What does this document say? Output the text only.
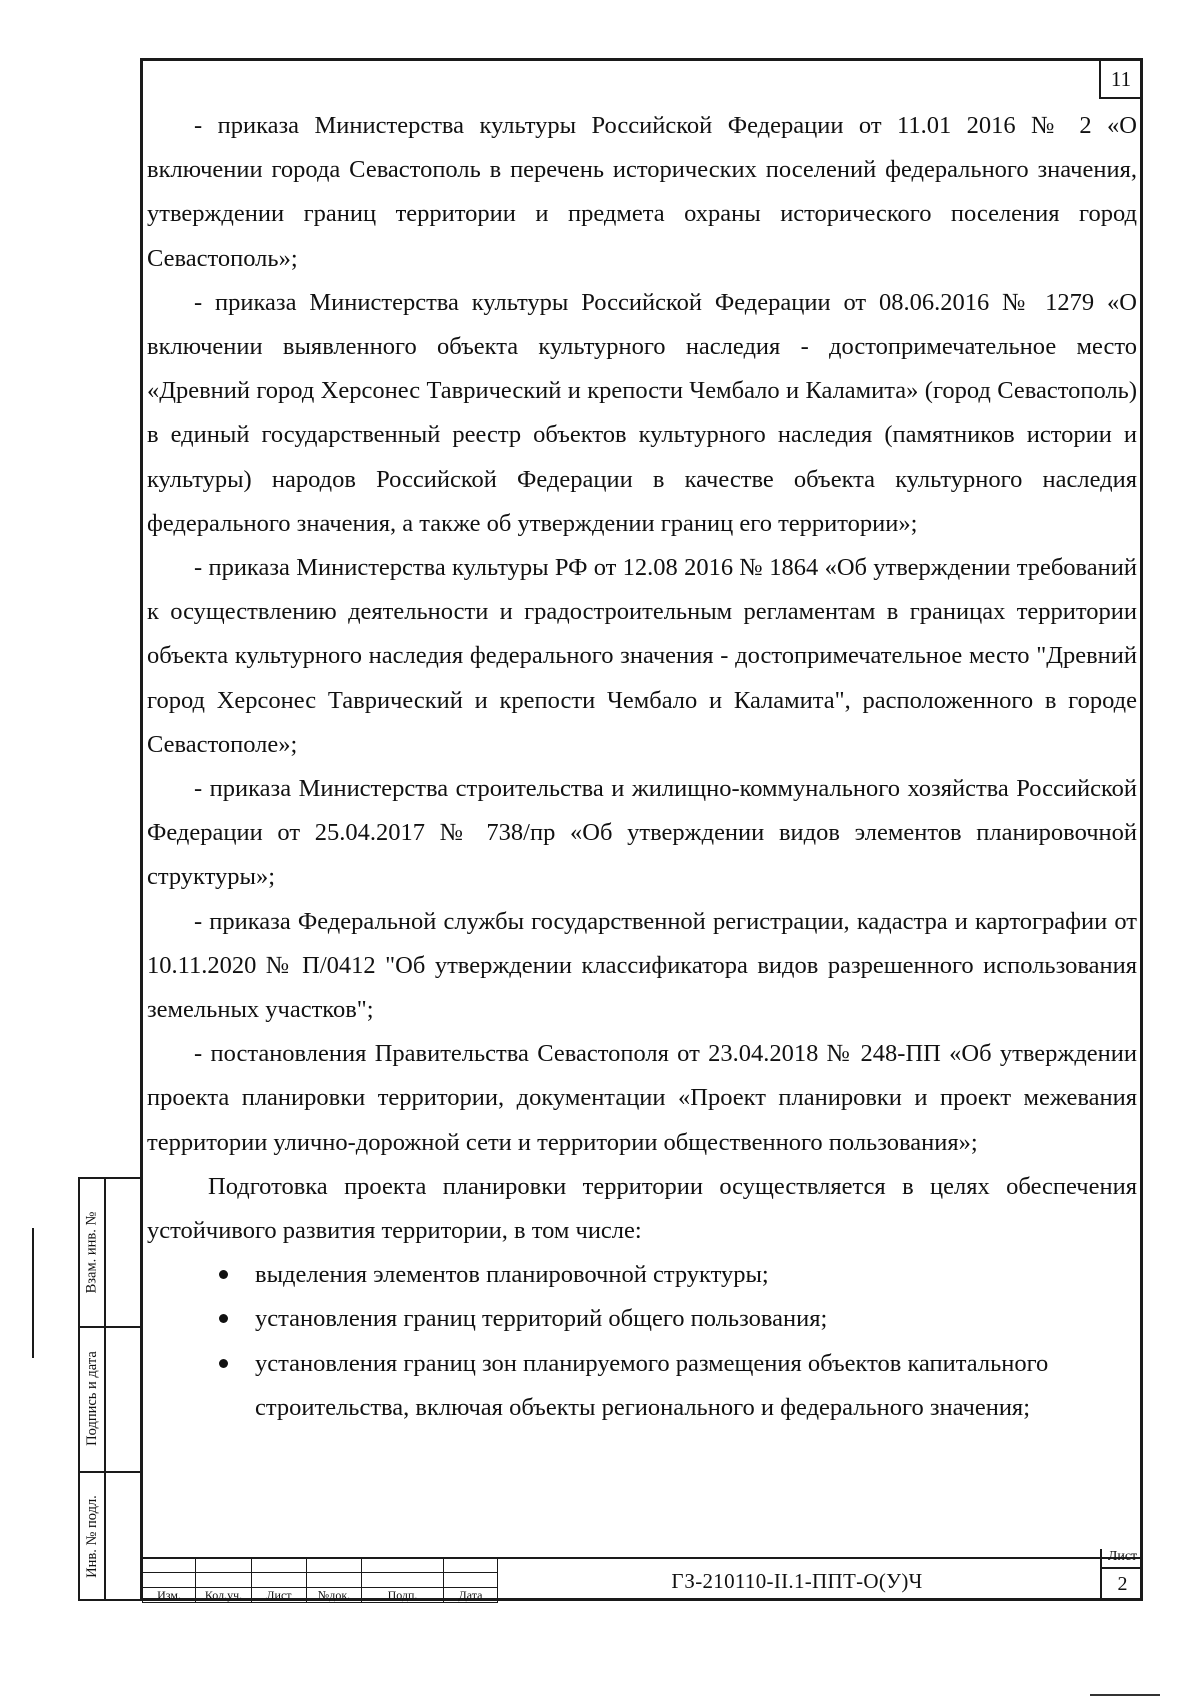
11

- приказа Министерства культуры Российской Федерации от 11.01 2016 № 2 «О включении города Севастополь в перечень исторических поселений федерального значения, утверждении границ территории и предмета охраны исторического поселения город Севастополь»;

- приказа Министерства культуры Российской Федерации от 08.06.2016 № 1279 «О включении выявленного объекта культурного наследия - достопримечательное место «Древний город Херсонес Таврический и крепости Чембало и Каламита» (город Севастополь) в единый государственный реестр объектов культурного наследия (памятников истории и культуры) народов Российской Федерации в качестве объекта культурного наследия федерального значения, а также об утверждении границ его территории»;

- приказа Министерства культуры РФ от 12.08 2016 № 1864 «Об утверждении требований к осуществлению деятельности и градостроительным регламентам в границах территории объекта культурного наследия федерального значения - достопримечательное место "Древний город Херсонес Таврический и крепости Чембало и Каламита", расположенного в городе Севастополе»;

- приказа Министерства строительства и жилищно-коммунального хозяйства Российской Федерации от 25.04.2017 № 738/пр «Об утверждении видов элементов планировочной структуры»;

- приказа Федеральной службы государственной регистрации, кадастра и картографии от 10.11.2020 № П/0412 "Об утверждении классификатора видов разрешенного использования земельных участков";

- постановления Правительства Севастополя от 23.04.2018 № 248-ПП «Об утверждении проекта планировки территории, документации «Проект планировки и проект межевания территории улично-дорожной сети и территории общественного пользования»;

Подготовка проекта планировки территории осуществляется в целях обеспечения устойчивого развития территории, в том числе:

выделения элементов планировочной структуры;
установления границ территорий общего пользования;
установления границ зон планируемого размещения объектов капитального строительства, включая объекты регионального и федерального значения;
Взам. инв. №
Подпись и дата
Инв. № подл.

Изм.	Кол.уч.	Лист	№док.	Подп.	Дата
ГЗ-210110-II.1-ППТ-О(У)Ч
Лист
2
